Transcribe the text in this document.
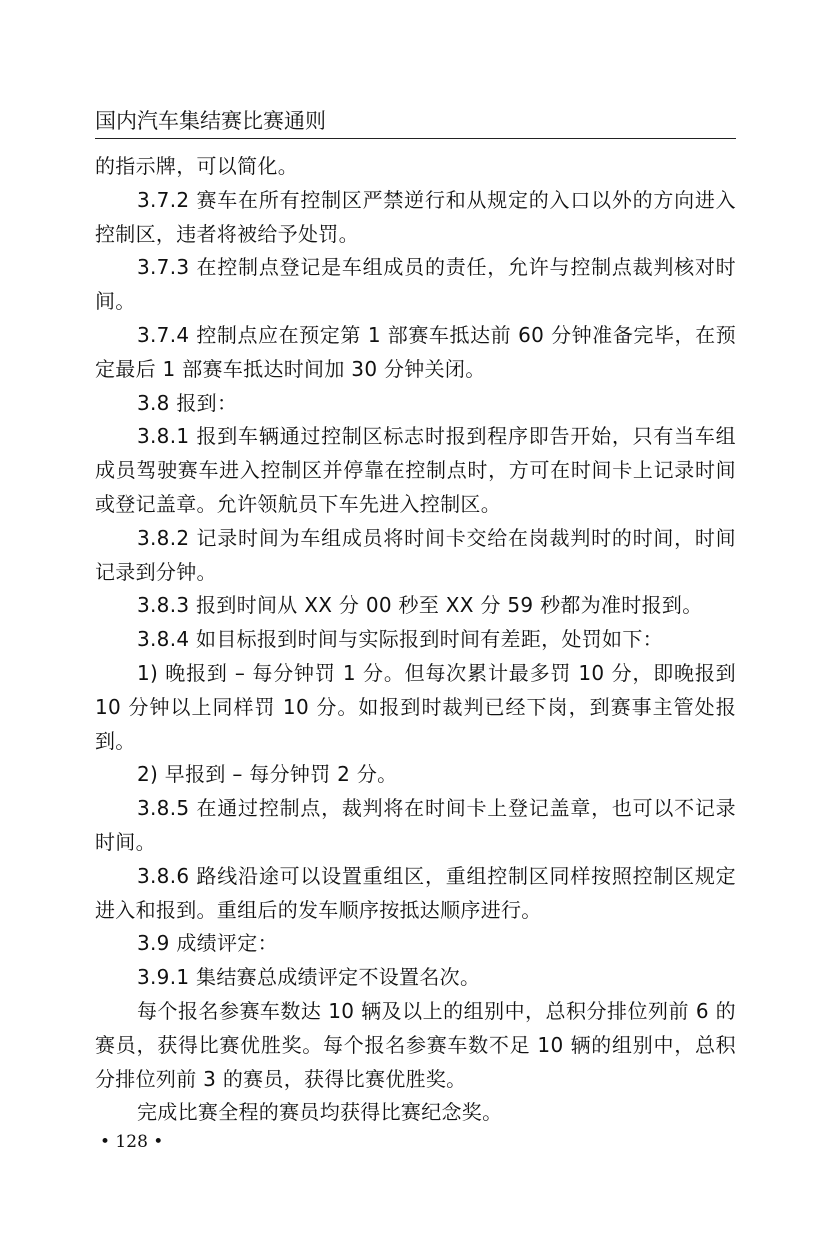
国内汽车集结赛比赛通则

的指示牌，可以简化。

3.7.2 赛车在所有控制区严禁逆行和从规定的入口以外的方向进入控制区，违者将被给予处罚。

3.7.3 在控制点登记是车组成员的责任，允许与控制点裁判核对时间。

3.7.4 控制点应在预定第 1 部赛车抵达前 60 分钟准备完毕，在预定最后 1 部赛车抵达时间加 30 分钟关闭。

3.8 报到：

3.8.1 报到车辆通过控制区标志时报到程序即告开始，只有当车组成员驾驶赛车进入控制区并停靠在控制点时，方可在时间卡上记录时间或登记盖章。允许领航员下车先进入控制区。

3.8.2 记录时间为车组成员将时间卡交给在岗裁判时的时间，时间记录到分钟。

3.8.3 报到时间从 XX 分 00 秒至 XX 分 59 秒都为准时报到。

3.8.4 如目标报到时间与实际报到时间有差距，处罚如下：

1) 晚报到 – 每分钟罚 1 分。但每次累计最多罚 10 分，即晚报到 10 分钟以上同样罚 10 分。如报到时裁判已经下岗，到赛事主管处报到。

2) 早报到 – 每分钟罚 2 分。

3.8.5 在通过控制点，裁判将在时间卡上登记盖章，也可以不记录时间。

3.8.6 路线沿途可以设置重组区，重组控制区同样按照控制区规定进入和报到。重组后的发车顺序按抵达顺序进行。

3.9 成绩评定：

3.9.1 集结赛总成绩评定不设置名次。

每个报名参赛车数达 10 辆及以上的组别中，总积分排位列前 6 的赛员，获得比赛优胜奖。每个报名参赛车数不足 10 辆的组别中，总积分排位列前 3 的赛员，获得比赛优胜奖。

完成比赛全程的赛员均获得比赛纪念奖。

• 128 •
